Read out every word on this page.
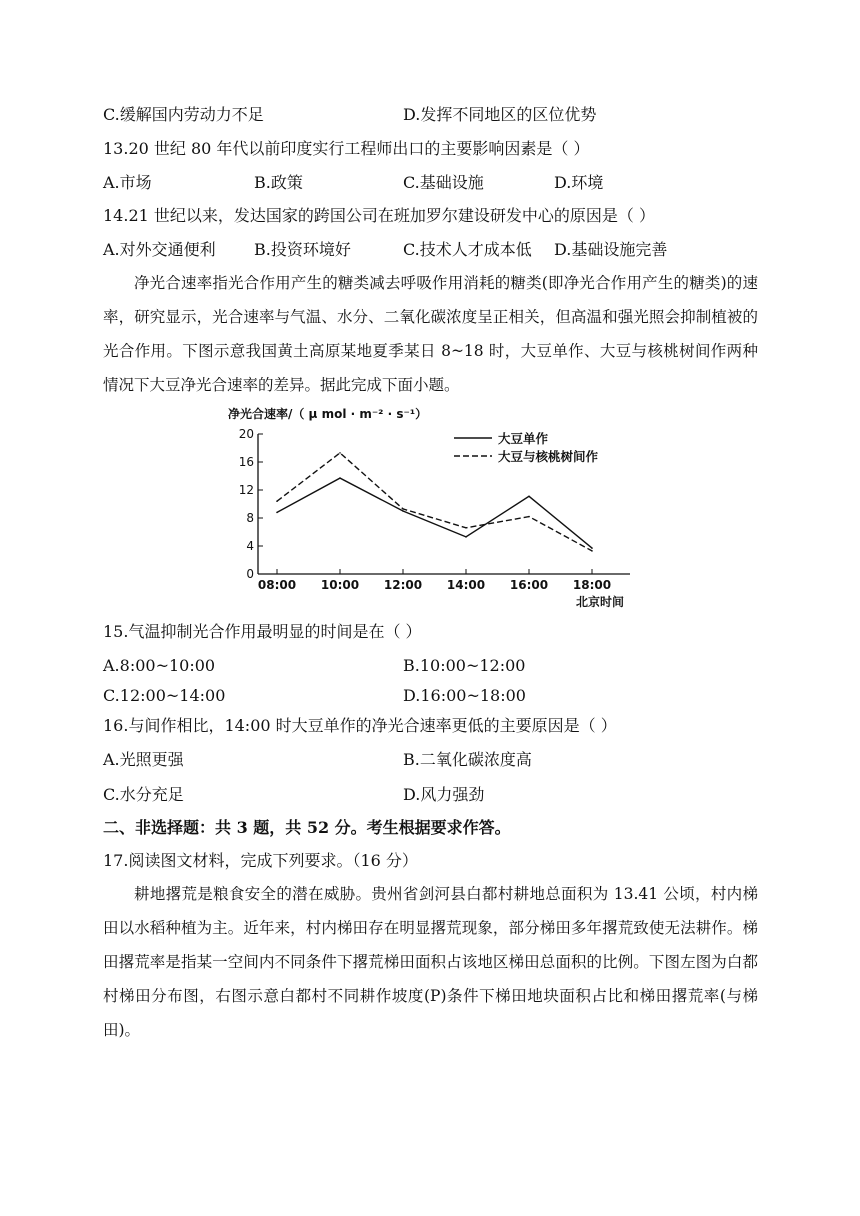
C.缓解国内劳动力不足	D.发挥不同地区的区位优势
13.20 世纪 80 年代以前印度实行工程师出口的主要影响因素是（ ）
A.市场	B.政策	C.基础设施	D.环境
14.21 世纪以来，发达国家的跨国公司在班加罗尔建设研发中心的原因是（ ）
A.对外交通便利 B.投资环境好	C.技术人才成本低 D.基础设施完善
净光合速率指光合作用产生的糖类减去呼吸作用消耗的糖类(即净光合作用产生的糖类)的速率，研究显示，光合速率与气温、水分、二氧化碳浓度呈正相关，但高温和强光照会抑制植被的光合作用。下图示意我国黄土高原某地夏季某日 8~18 时，大豆单作、大豆与核桃树间作两种情况下大豆净光合速率的差异。据此完成下面小题。
净光合速率/（ μ mol · m⁻² · s⁻¹）
0
4
8
12
16
20
08:00 10:00 12:00 14:00 16:00 18:00
大豆单作
大豆与核桃树间作
北京时间
15.气温抑制光合作用最明显的时间是在（ ）
A.8:00~10:00	B.10:00~12:00
C.12:00~14:00	D.16:00~18:00
16.与间作相比，14:00 时大豆单作的净光合速率更低的主要原因是（ ）
A.光照更强	B.二氧化碳浓度高
C.水分充足	D.风力强劲
二、非选择题：共 3 题，共 52 分。考生根据要求作答。
17.阅读图文材料，完成下列要求。（16 分）
耕地撂荒是粮食安全的潜在威胁。贵州省剑河县白都村耕地总面积为 13.41 公顷，村内梯田以水稻种植为主。近年来，村内梯田存在明显撂荒现象，部分梯田多年撂荒致使无法耕作。梯田撂荒率是指某一空间内不同条件下撂荒梯田面积占该地区梯田总面积的比例。下图左图为白都村梯田分布图，右图示意白都村不同耕作坡度(P)条件下梯田地块面积占比和梯田撂荒率(与梯田)。
